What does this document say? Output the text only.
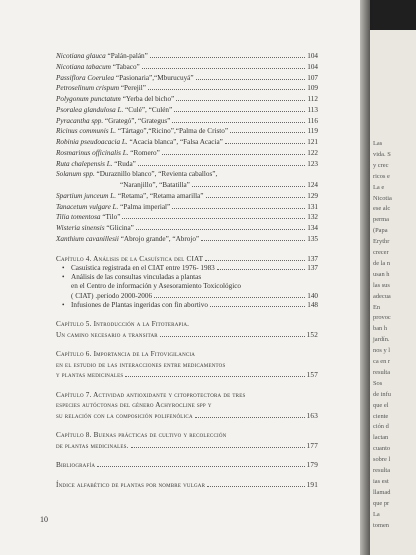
Nicotiana glauca “Palán-palán”	104
Nicotiana tabacum “Tabaco”	104
Passiflora Coerulea “Pasionaria”,“Mburucuyá”	107
Petroselinum crispum “Perejil”	109
Polygonum punctatum “Yerba del bicho”	112
Psoralea glandulosa L. “Culé”, “Culén”	113
Pyracantha spp. “Grategó”, “Grategus”	116
Ricinus communis L. “Tártago”,“Ricino”,“Palma de Cristo”	119
Robinia pseudoacacia L. “Acacia blanca”, “Falsa Acacia”	121
Rosmarinus officinalis L. “Romero”	122
Ruta chalepensis L. “Ruda”	123
Solanum spp. “Duraznillo blanco”, “Revienta caballos”,
“Naranjillo”, “Batatilla”	124
Spartium junceum L. “Retama”, “Retama amarilla”	129
Tanacetum vulgare L. “Palma imperial”	131
Tilia tomentosa “Tilo”	132
Wisteria sinensis “Glicina”	134
Xanthium cavanillesii “Abrojo grande”, “Abrojo”	135
Capítulo 4. Análisis de la Casuística del CIAT	137
• Casuística registrada en el CIAT entre 1976- 1983	137
• Análisis de las consultas vinculadas a plantas
en el Centro de información y Asesoramiento Toxicológico
( CIAT) .periodo 2000-2006	140
• Infusiones de Plantas ingeridas con fin abortivo	148
Capítulo 5. Introducción a la Fitoterapia.
Un camino necesario a transitar	152
Capítulo 6. Importancia de la Fitovigilancia
en el estudio de las interacciones entre medicamentos
y plantas medicinales	157
Capítulo 7. Actividad antioxidante y citoprotectora de tres
especies autóctonas del género Achyrocline spp y
su relación con la composición polifenólica	163
Capítulo 8. Buenas prácticas de cultivo y recolección
de plantas medicinales.	177
Bibliografía	179
Índice alfabético de plantas por nombre vulgar	191
10
Las
vida. S
y crec
ricos e
La e
Nicotia
ese alc
perma
(Papa
Erythr
crecer
de la n
usan h
las sus
adecua
En
provoc
ban h
jardín.
nos y l
ca en r
resulta
Sos
de infu
que el
ciente
ción d
lactan
cuanto
sobre l
resulta
ias est
llamad
que pr
La
tomen
